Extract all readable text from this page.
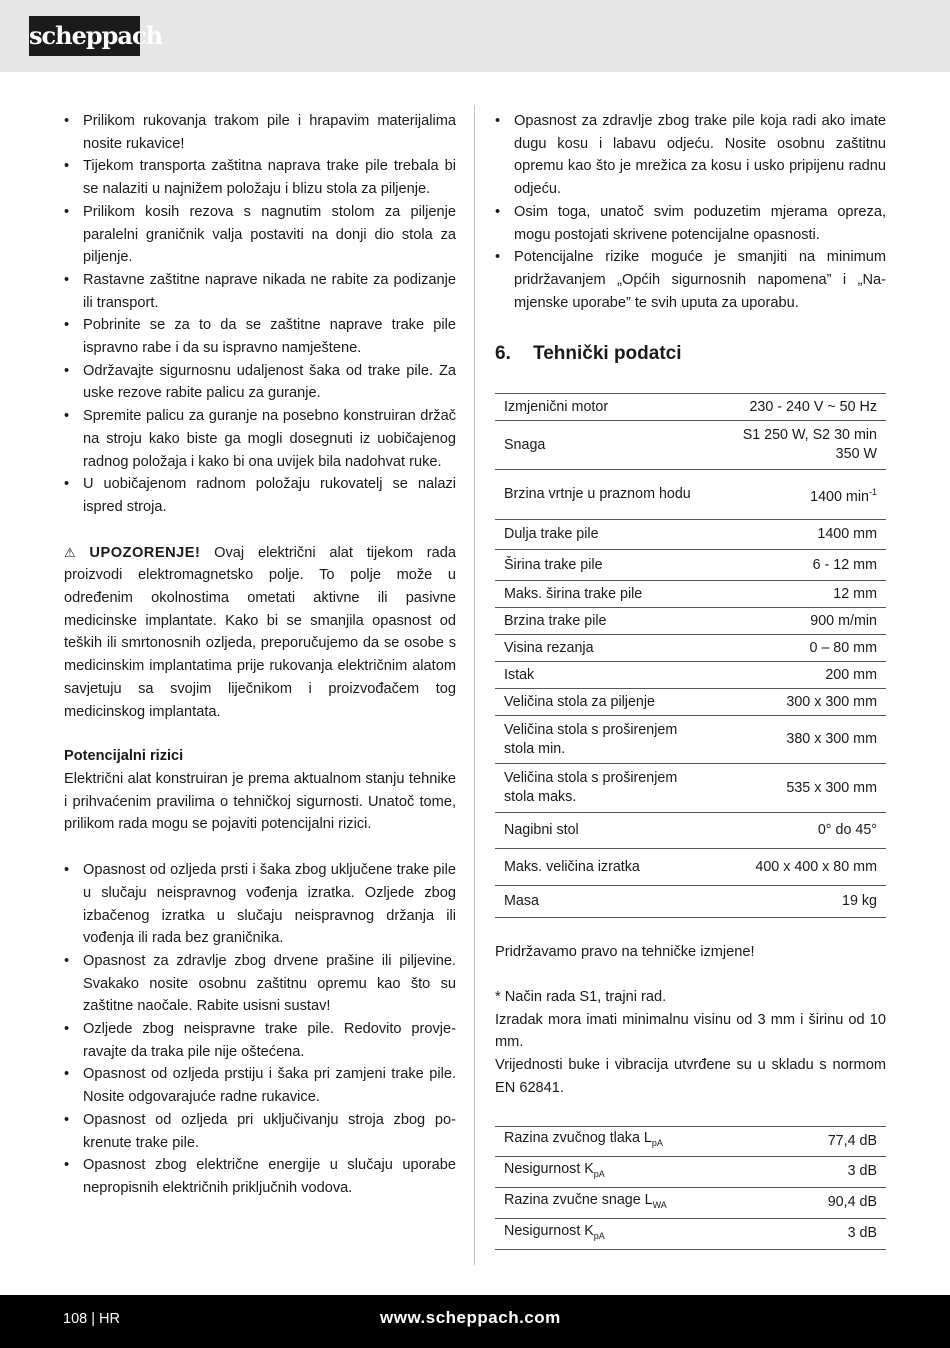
scheppach
• Prilikom rukovanja trakom pile i hrapavim materijalima nosite rukavice!
• Tijekom transporta zaštitna naprava trake pile trebala bi se nalaziti u najnižem položaju i blizu stola za piljenje.
• Prilikom kosih rezova s nagnutim stolom za piljenje paralelni graničnik valja postaviti na donji dio stola za piljenje.
• Rastavne zaštitne naprave nikada ne rabite za podizanje ili transport.
• Pobrinite se za to da se zaštitne naprave trake pile ispravno rabe i da su ispravno namještene.
• Održavajte sigurnosnu udaljenost šaka od trake pile. Za uske rezove rabite palicu za guranje.
• Spremite palicu za guranje na posebno konstruiran držač na stroju kako biste ga mogli dosegnuti iz uobičajenog radnog položaja i kako bi ona uvijek bila nadohvat ruke.
• U uobičajenom radnom položaju rukovatelj se nalazi ispred stroja.

⚠ UPOZORENJE! Ovaj električni alat tijekom rada proizvodi elektromagnetsko polje. To polje može u određenim okolnostima ometati aktivne ili pasivne medicinske implantate. Kako bi se smanjila opasnost od teških ili smrtonosnih ozljeda, preporučujemo da se osobe s medicinskim implantatima prije rukovanja električnim alatom savjetuju sa svojim liječnikom i proizvođačem tog medicinskog implantata.

Potencijalni rizici

Električni alat konstruiran je prema aktualnom stanju tehnike i prihvaćenim pravilima o tehničkoj sigurnosti. Unatoč tome, prilikom rada mogu se pojaviti potencijalni rizici.

• Opasnost od ozljeda prsti i šaka zbog uključene trake pile u slučaju neispravnog vođenja izratka. Ozljede zbog izbačenog izratka u slučaju neispravnog držanja ili vođenja ili rada bez graničnika.
• Opasnost za zdravlje zbog drvene prašine ili piljevine. Svakako nosite osobnu zaštitnu opremu kao što su zaštitne naočale. Rabite usisni sustav!
• Ozljede zbog neispravne trake pile. Redovito provjeravajte da traka pile nije oštećena.
• Opasnost od ozljeda prstiju i šaka pri zamjeni trake pile. Nosite odgovarajuće radne rukavice.
• Opasnost od ozljeda pri uključivanju stroja zbog pokrenute trake pile.
• Opasnost zbog električne energije u slučaju uporabe nepropisnih električnih priključnih vodova.
• Opasnost za zdravlje zbog trake pile koja radi ako imate dugu kosu i labavu odjeću. Nosite osobnu zaštitnu opremu kao što je mrežica za kosu i usko pripijenu radnu odjeću.
• Osim toga, unatoč svim poduzetim mjerama opreza, mogu postojati skrivene potencijalne opasnosti.
• Potencijalne rizike moguće je smanjiti na minimum pridržavanjem „Općih sigurnosnih napomena” i „Namjenske uporabe” te svih uputa za uporabu.
6. Tehnički podatci
Izmjenični motor	230 - 240 V ~ 50 Hz
Snaga	S1 250 W, S2 30 min 350 W
Brzina vrtnje u praznom hodu	1400 $\min^{-1}$
Dulja trake pile	1400 mm
Širina trake pile	6 - 12 mm
Maks. širina trake pile	12 mm
Brzina trake pile	900 m/min
Visina rezanja	0 – 80 mm
Istak	200 mm
Veličina stola za piljenje	300 x 300 mm
Veličina stola s proširenjem stola min.	380 x 300 mm
Veličina stola s proširenjem stola maks.	535 x 300 mm
Nagibni stol	0° do 45°
Maks. veličina izratka	400 x 400 x 80 mm
Masa	19 kg

Pridržavamo pravo na tehničke izmjene!

* Način rada S1, trajni rad.

Izradak mora imati minimalnu visinu od 3 mm i širinu od 10 mm.

Vrijednosti buke i vibracija utvrđene su u skladu s normom EN 62841.

Razina zvučnog tlaka $L_{pA}$	77,4 dB
Nesigurnost $K_{pA}$	3 dB
Razina zvučne snage $L_{WA}$	90,4 dB
Nesigurnost $K_{pA}$	3 dB
108 | HR	www.scheppach.com
